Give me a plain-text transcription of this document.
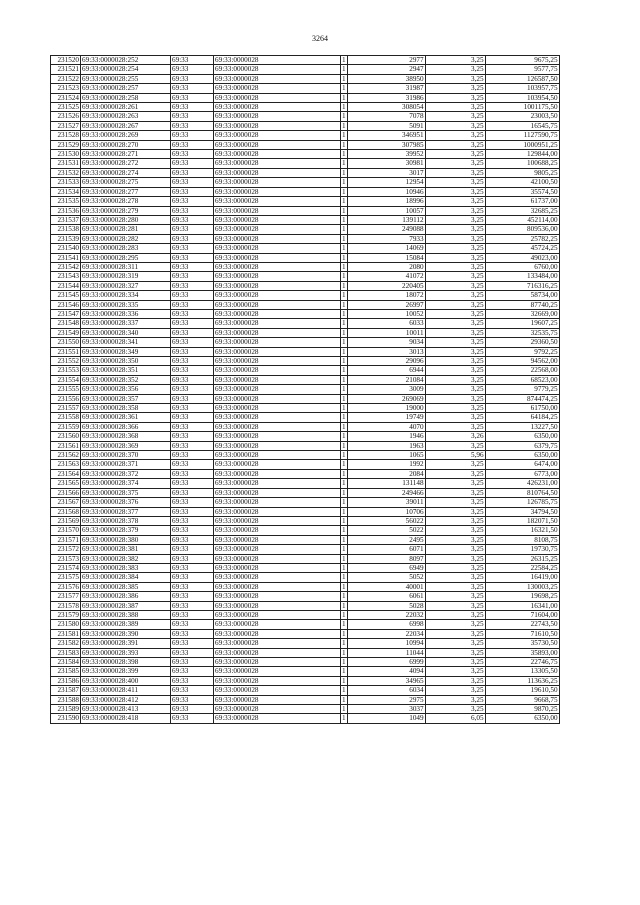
3264
231520	69:33:0000028:252	69:33	69:33:0000028	1	2977	3,25	9675,25
231521	69:33:0000028:254	69:33	69:33:0000028	1	2947	3,25	9577,75
231522	69:33:0000028:255	69:33	69:33:0000028	1	38950	3,25	126587,50
231523	69:33:0000028:257	69:33	69:33:0000028	1	31987	3,25	103957,75
231524	69:33:0000028:258	69:33	69:33:0000028	1	31986	3,25	103954,50
231525	69:33:0000028:261	69:33	69:33:0000028	1	308054	3,25	1001175,50
231526	69:33:0000028:263	69:33	69:33:0000028	1	7078	3,25	23003,50
231527	69:33:0000028:267	69:33	69:33:0000028	1	5091	3,25	16545,75
231528	69:33:0000028:269	69:33	69:33:0000028	1	346951	3,25	1127590,75
231529	69:33:0000028:270	69:33	69:33:0000028	1	307985	3,25	1000951,25
231530	69:33:0000028:271	69:33	69:33:0000028	1	39952	3,25	129844,00
231531	69:33:0000028:272	69:33	69:33:0000028	1	30981	3,25	100688,25
231532	69:33:0000028:274	69:33	69:33:0000028	1	3017	3,25	9805,25
231533	69:33:0000028:275	69:33	69:33:0000028	1	12954	3,25	42100,50
231534	69:33:0000028:277	69:33	69:33:0000028	1	10946	3,25	35574,50
231535	69:33:0000028:278	69:33	69:33:0000028	1	18996	3,25	61737,00
231536	69:33:0000028:279	69:33	69:33:0000028	1	10057	3,25	32685,25
231537	69:33:0000028:280	69:33	69:33:0000028	1	139112	3,25	452114,00
231538	69:33:0000028:281	69:33	69:33:0000028	1	249088	3,25	809536,00
231539	69:33:0000028:282	69:33	69:33:0000028	1	7933	3,25	25782,25
231540	69:33:0000028:283	69:33	69:33:0000028	1	14069	3,25	45724,25
231541	69:33:0000028:295	69:33	69:33:0000028	1	15084	3,25	49023,00
231542	69:33:0000028:311	69:33	69:33:0000028	1	2080	3,25	6760,00
231543	69:33:0000028:319	69:33	69:33:0000028	1	41072	3,25	133484,00
231544	69:33:0000028:327	69:33	69:33:0000028	1	220405	3,25	716316,25
231545	69:33:0000028:334	69:33	69:33:0000028	1	18072	3,25	58734,00
231546	69:33:0000028:335	69:33	69:33:0000028	1	26997	3,25	87740,25
231547	69:33:0000028:336	69:33	69:33:0000028	1	10052	3,25	32669,00
231548	69:33:0000028:337	69:33	69:33:0000028	1	6033	3,25	19607,25
231549	69:33:0000028:340	69:33	69:33:0000028	1	10011	3,25	32535,75
231550	69:33:0000028:341	69:33	69:33:0000028	1	9034	3,25	29360,50
231551	69:33:0000028:349	69:33	69:33:0000028	1	3013	3,25	9792,25
231552	69:33:0000028:350	69:33	69:33:0000028	1	29096	3,25	94562,00
231553	69:33:0000028:351	69:33	69:33:0000028	1	6944	3,25	22568,00
231554	69:33:0000028:352	69:33	69:33:0000028	1	21084	3,25	68523,00
231555	69:33:0000028:356	69:33	69:33:0000028	1	3009	3,25	9779,25
231556	69:33:0000028:357	69:33	69:33:0000028	1	269069	3,25	874474,25
231557	69:33:0000028:358	69:33	69:33:0000028	1	19000	3,25	61750,00
231558	69:33:0000028:361	69:33	69:33:0000028	1	19749	3,25	64184,25
231559	69:33:0000028:366	69:33	69:33:0000028	1	4070	3,25	13227,50
231560	69:33:0000028:368	69:33	69:33:0000028	1	1946	3,26	6350,00
231561	69:33:0000028:369	69:33	69:33:0000028	1	1963	3,25	6379,75
231562	69:33:0000028:370	69:33	69:33:0000028	1	1065	5,96	6350,00
231563	69:33:0000028:371	69:33	69:33:0000028	1	1992	3,25	6474,00
231564	69:33:0000028:372	69:33	69:33:0000028	1	2084	3,25	6773,00
231565	69:33:0000028:374	69:33	69:33:0000028	1	131148	3,25	426231,00
231566	69:33:0000028:375	69:33	69:33:0000028	1	249466	3,25	810764,50
231567	69:33:0000028:376	69:33	69:33:0000028	1	39011	3,25	126785,75
231568	69:33:0000028:377	69:33	69:33:0000028	1	10706	3,25	34794,50
231569	69:33:0000028:378	69:33	69:33:0000028	1	56022	3,25	182071,50
231570	69:33:0000028:379	69:33	69:33:0000028	1	5022	3,25	16321,50
231571	69:33:0000028:380	69:33	69:33:0000028	1	2495	3,25	8108,75
231572	69:33:0000028:381	69:33	69:33:0000028	1	6071	3,25	19730,75
231573	69:33:0000028:382	69:33	69:33:0000028	1	8097	3,25	26315,25
231574	69:33:0000028:383	69:33	69:33:0000028	1	6949	3,25	22584,25
231575	69:33:0000028:384	69:33	69:33:0000028	1	5052	3,25	16419,00
231576	69:33:0000028:385	69:33	69:33:0000028	1	40001	3,25	130003,25
231577	69:33:0000028:386	69:33	69:33:0000028	1	6061	3,25	19698,25
231578	69:33:0000028:387	69:33	69:33:0000028	1	5028	3,25	16341,00
231579	69:33:0000028:388	69:33	69:33:0000028	1	22032	3,25	71604,00
231580	69:33:0000028:389	69:33	69:33:0000028	1	6998	3,25	22743,50
231581	69:33:0000028:390	69:33	69:33:0000028	1	22034	3,25	71610,50
231582	69:33:0000028:391	69:33	69:33:0000028	1	10994	3,25	35730,50
231583	69:33:0000028:393	69:33	69:33:0000028	1	11044	3,25	35893,00
231584	69:33:0000028:398	69:33	69:33:0000028	1	6999	3,25	22746,75
231585	69:33:0000028:399	69:33	69:33:0000028	1	4094	3,25	13305,50
231586	69:33:0000028:400	69:33	69:33:0000028	1	34965	3,25	113636,25
231587	69:33:0000028:411	69:33	69:33:0000028	1	6034	3,25	19610,50
231588	69:33:0000028:412	69:33	69:33:0000028	1	2975	3,25	9668,75
231589	69:33:0000028:413	69:33	69:33:0000028	1	3037	3,25	9870,25
231590	69:33:0000028:418	69:33	69:33:0000028	1	1049	6,05	6350,00
